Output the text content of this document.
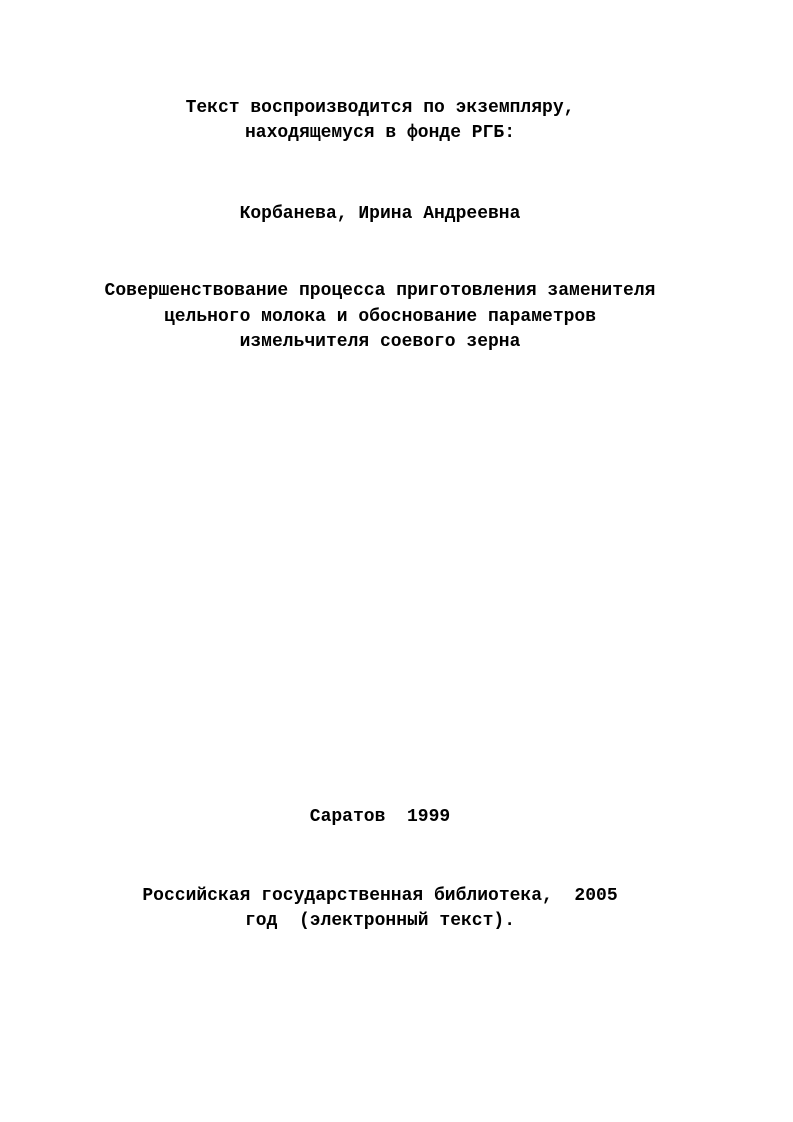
Текст воспроизводится по экземпляру,
находящемуся в фонде РГБ:
Корбанева, Ирина Андреевна
Совершенствование процесса приготовления заменителя
цельного молока и обоснование параметров
измельчителя соевого зерна
Саратов  1999
Российская государственная библиотека,  2005
год  (электронный текст).
